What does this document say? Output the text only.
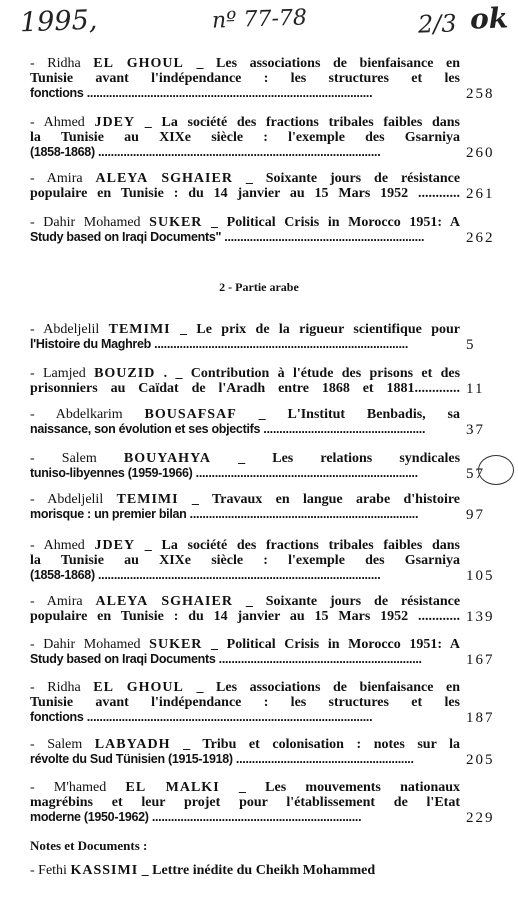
1995,	nº 77-78	2/3 ok
- Ridha EL GHOUL _ Les associations de bienfaisance en
Tunisie avant l'indépendance : les structures et les
fonctions ..........................................................................................	258
- Ahmed JDEY _ La société des fractions tribales faibles dans
la Tunisie au XIXe siècle : l'exemple des Gsarniya
(1858-1868) .........................................................................................	260
- Amira ALEYA SGHAIER _ Soixante jours de résistance
populaire en Tunisie : du 14 janvier au 15 Mars 1952 ............ 261
- Dahir Mohamed SUKER _ Political Crisis in Morocco 1951: A
Study based on Iraqi Documents" ...............................................................	262
2 - Partie arabe
- Abdeljelil TEMIMI _ Le prix de la rigueur scientifique pour
l'Histoire du Maghreb ................................................................................	5
- Lamjed BOUZID . _ Contribution à l'étude des prisons et des
prisonniers au Caïdat de l'Aradh entre 1868 et 1881............. 11
- Abdelkarim BOUSAFSAF _ L'Institut Benbadis, sa
naissance, son évolution et ses objectifs ...................................................	37
- Salem BOUYAHYA _ Les relations syndicales
tuniso-libyennes (1959-1966) ......................................................................	57
- Abdeljelil TEMIMI _ Travaux en langue arabe d'histoire
morisque : un premier bilan ........................................................................	97
- Ahmed JDEY _ La société des fractions tribales faibles dans
la Tunisie au XIXe siècle : l'exemple des Gsarniya
(1858-1868) .........................................................................................	105
- Amira ALEYA SGHAIER _ Soixante jours de résistance
populaire en Tunisie : du 14 janvier au 15 Mars 1952 ............ 139
- Dahir Mohamed SUKER _ Political Crisis in Morocco 1951: A
Study based on Iraqi Documents ................................................................	167
- Ridha EL GHOUL _ Les associations de bienfaisance en
Tunisie avant l'indépendance : les structures et les
fonctions ..........................................................................................	187
- Salem LABYADH _ Tribu et colonisation : notes sur la
révolte du Sud Tünisien (1915-1918) ........................................................	205
- M'hamed EL MALKI _ Les mouvements nationaux
magrébins et leur projet pour l'établissement de l'Etat
moderne (1950-1962) ..................................................................	229
Notes et Documents :
- Fethi KASSIMI _ Lettre inédite du Cheikh Mohammed
